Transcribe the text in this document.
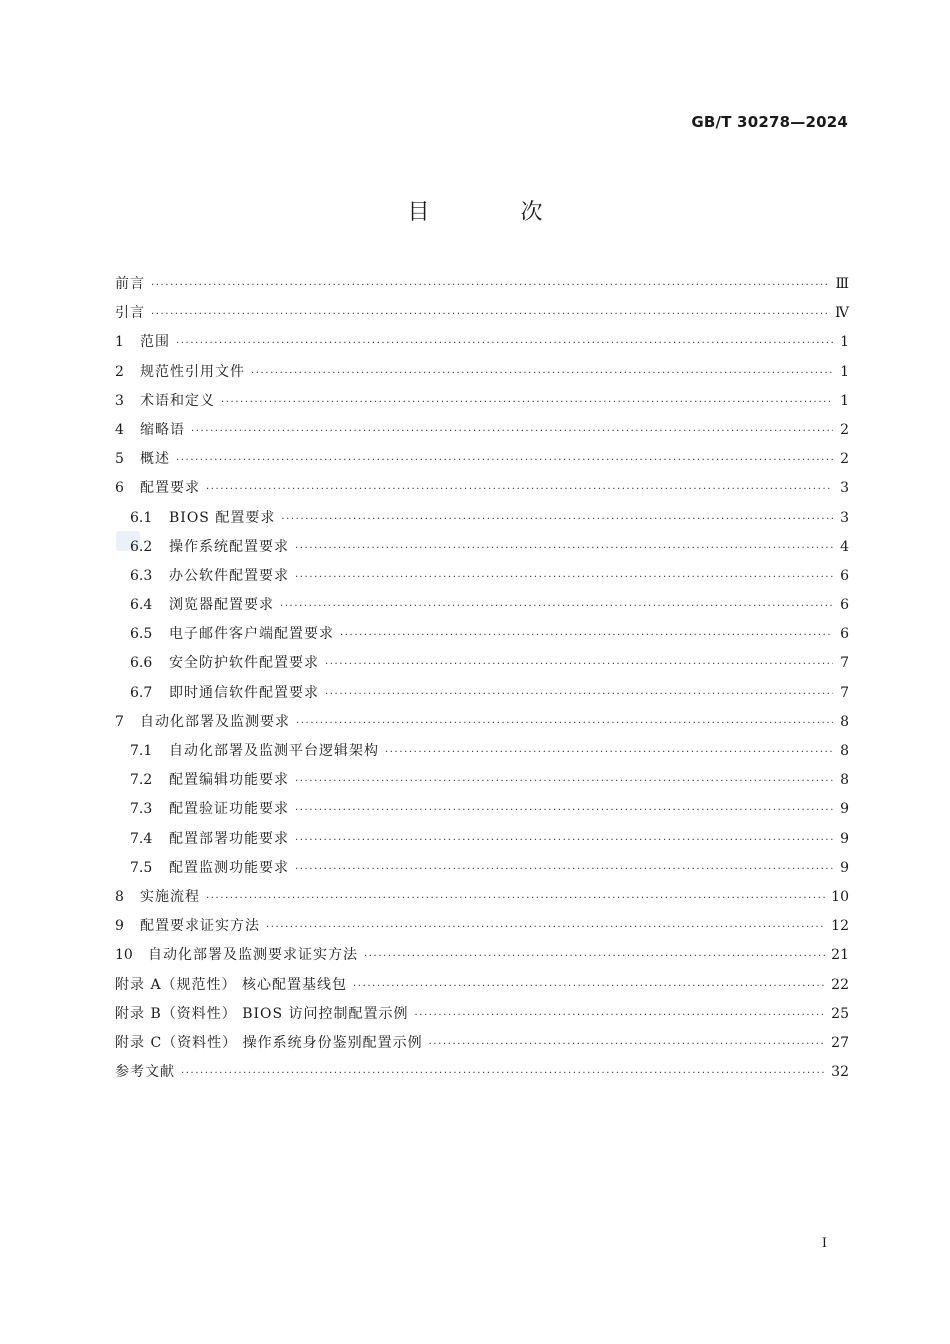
GB/T 30278—2024
目 次
前言 ·····	Ⅲ
引言 ·····	Ⅳ
1	范围 ·····	1
2	规范性引用文件 ·····	1
3	术语和定义 ·····	1
4	缩略语 ·····	2
5	概述 ·····	2
6	配置要求 ·····	3
6.1	BIOS 配置要求 ·····	3
6.2	操作系统配置要求 ·····	4
6.3	办公软件配置要求 ·····	6
6.4	浏览器配置要求 ·····	6
6.5	电子邮件客户端配置要求 ·····	6
6.6	安全防护软件配置要求 ·····	7
6.7	即时通信软件配置要求 ·····	7
7	自动化部署及监测要求 ·····	8
7.1	自动化部署及监测平台逻辑架构 ·····	8
7.2	配置编辑功能要求 ·····	8
7.3	配置验证功能要求 ·····	9
7.4	配置部署功能要求 ·····	9
7.5	配置监测功能要求 ·····	9
8	实施流程 ·····	10
9	配置要求证实方法 ·····	12
10	自动化部署及监测要求证实方法 ·····	21
附录 A（规范性） 核心配置基线包 ·····	22
附录 B（资料性） BIOS 访问控制配置示例 ·····	25
附录 C（资料性） 操作系统身份鉴别配置示例 ·····	27
参考文献 ·····	32
I
